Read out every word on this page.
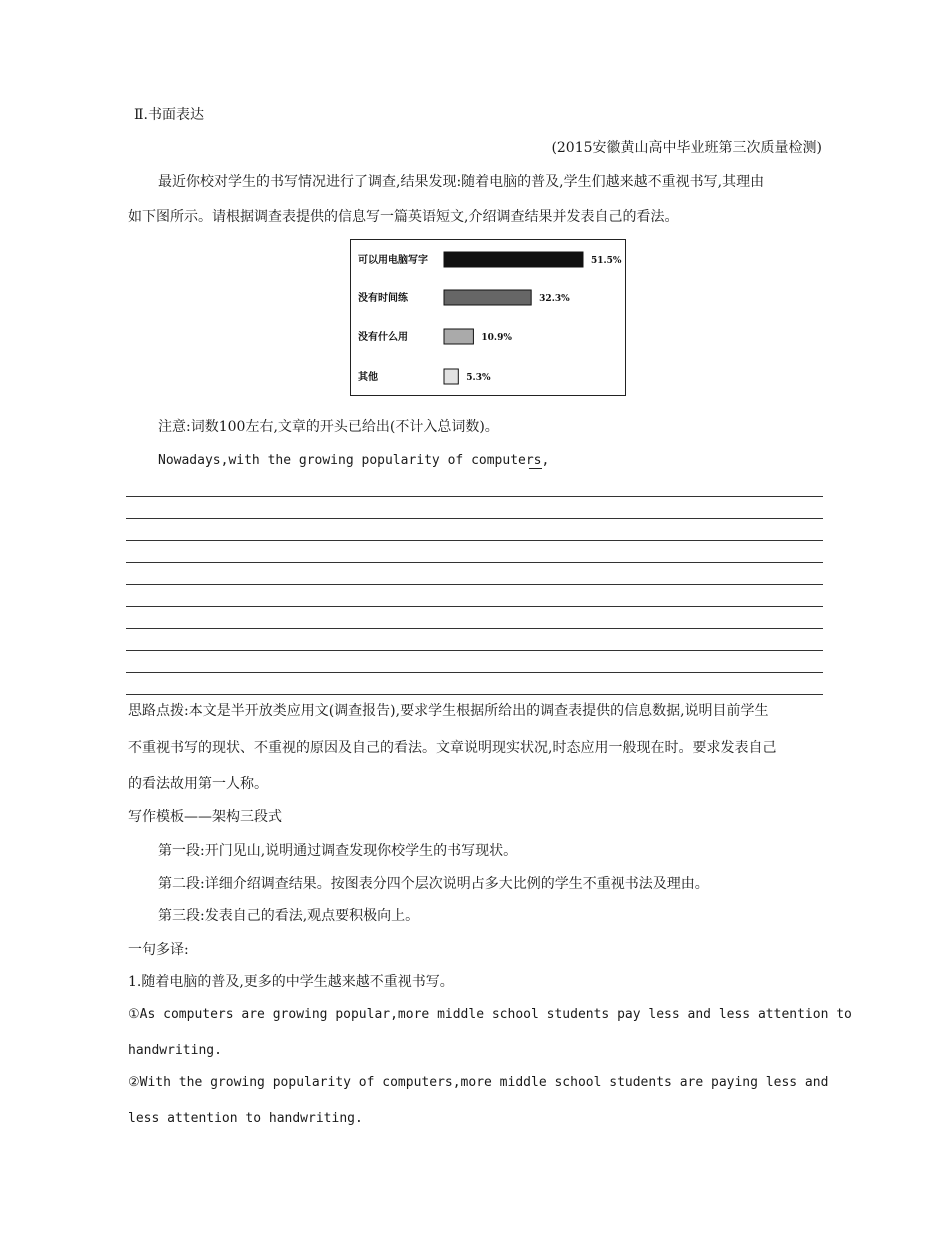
Ⅱ.书面表达
(2015安徽黄山高中毕业班第三次质量检测)
最近你校对学生的书写情况进行了调查,结果发现:随着电脑的普及,学生们越来越不重视书写,其理由
如下图所示。请根据调查表提供的信息写一篇英语短文,介绍调查结果并发表自己的看法。
可以用电脑写字	51.5%
没有时间练	32.3%
没有什么用	10.9%
其他	5.3%
注意:词数100左右,文章的开头已给出(不计入总词数)。
Nowadays,with the growing popularity of computers,
思路点拨:本文是半开放类应用文(调查报告),要求学生根据所给出的调查表提供的信息数据,说明目前学生
不重视书写的现状、不重视的原因及自己的看法。文章说明现实状况,时态应用一般现在时。要求发表自己
的看法故用第一人称。
写作模板——架构三段式
第一段:开门见山,说明通过调查发现你校学生的书写现状。
第二段:详细介绍调查结果。按图表分四个层次说明占多大比例的学生不重视书法及理由。
第三段:发表自己的看法,观点要积极向上。
一句多译:
1.随着电脑的普及,更多的中学生越来越不重视书写。
①As computers are growing popular,more middle school students pay less and less attention to
handwriting.
②With the growing popularity of computers,more middle school students are paying less and
less attention to handwriting.
